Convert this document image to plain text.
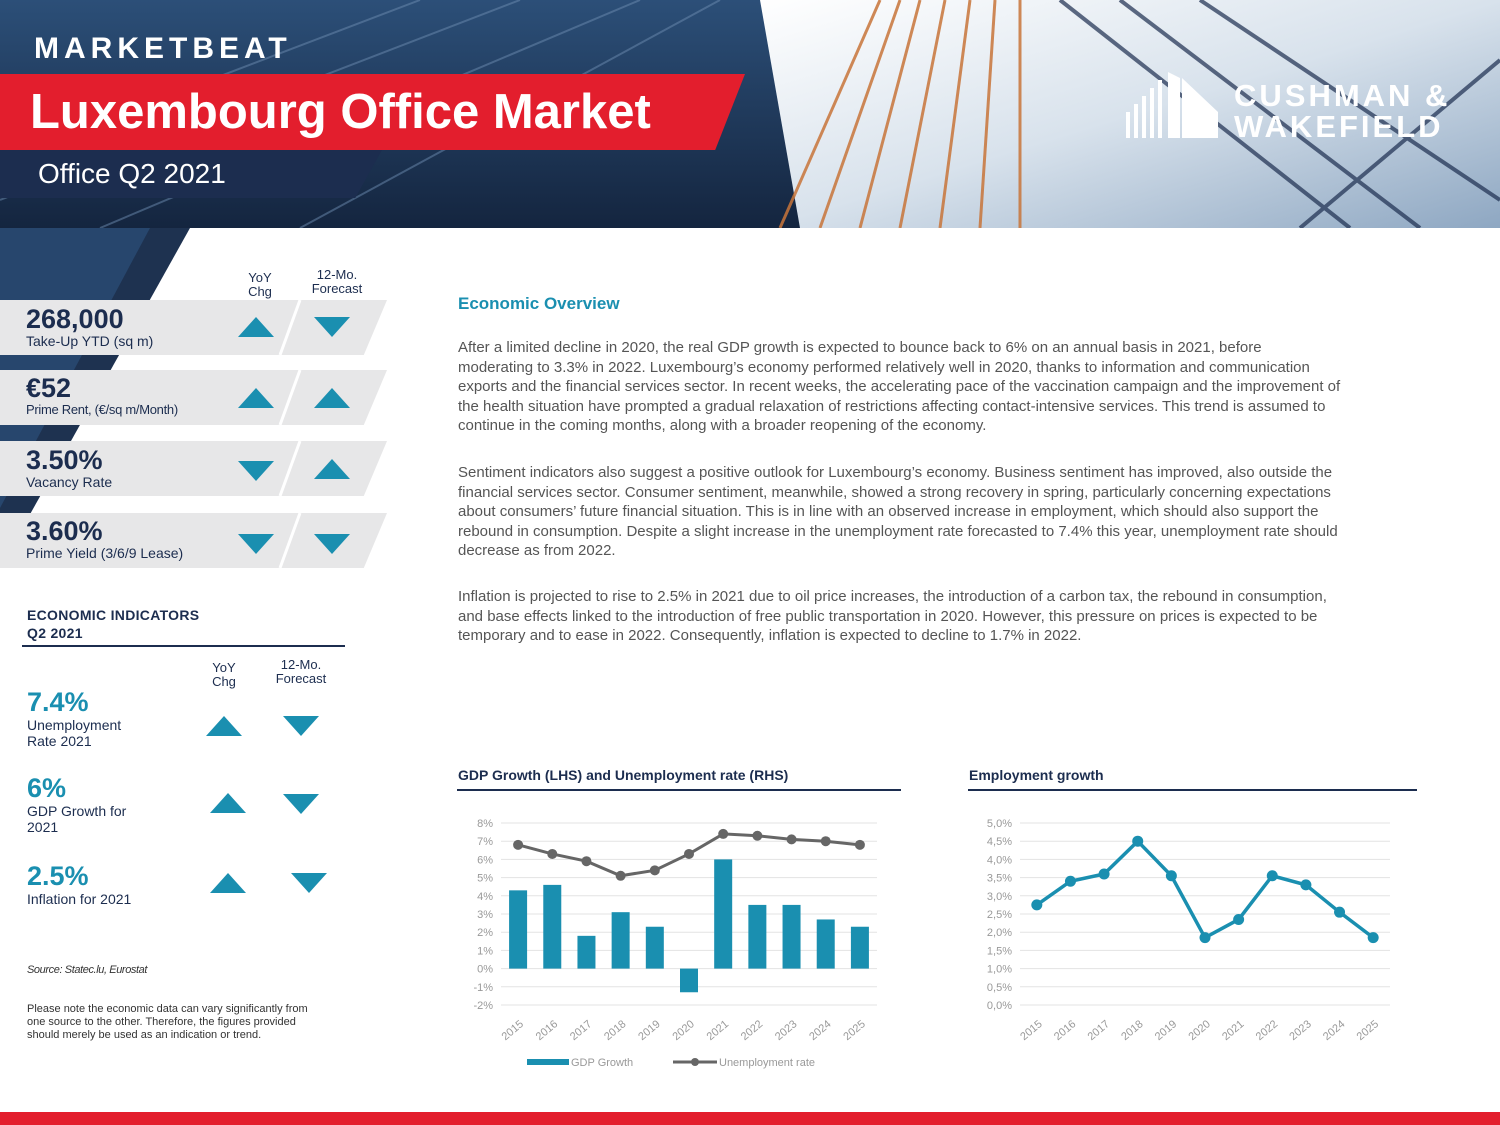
MARKETBEAT
Luxembourg Office Market
Office Q2 2021
CUSHMAN &
WAKEFIELD
YoY
Chg
12-Mo.
Forecast
268,000
Take-Up YTD (sq m)
€52
Prime Rent, (€/sq m/Month)
3.50%
Vacancy Rate
3.60%
Prime Yield (3/6/9 Lease)
ECONOMIC INDICATORS
Q2 2021
YoY
Chg
12-Mo.
Forecast
7.4%
Unemployment
Rate 2021
6%
GDP Growth for
2021
2.5%
Inflation for 2021
Source: Statec.lu, Eurostat
Please note the economic data can vary significantly from
one source to the other. Therefore, the figures provided
should merely be used as an indication or trend.
Economic Overview
After a limited decline in 2020, the real GDP growth is expected to bounce back to 6% on an annual basis in 2021, before
moderating to 3.3% in 2022. Luxembourg’s economy performed relatively well in 2020, thanks to information and communication
exports and the financial services sector. In recent weeks, the accelerating pace of the vaccination campaign and the improvement of
the health situation have prompted a gradual relaxation of restrictions affecting contact-intensive services. This trend is assumed to
continue in the coming months, along with a broader reopening of the economy.
Sentiment indicators also suggest a positive outlook for Luxembourg’s economy. Business sentiment has improved, also outside the
financial services sector. Consumer sentiment, meanwhile, showed a strong recovery in spring, particularly concerning expectations
about consumers’ future financial situation. This is in line with an observed increase in employment, which should also support the
rebound in consumption. Despite a slight increase in the unemployment rate forecasted to 7.4% this year, unemployment rate should
decrease as from 2022.
Inflation is projected to rise to 2.5% in 2021 due to oil price increases, the introduction of a carbon tax, the rebound in consumption,
and base effects linked to the introduction of free public transportation in 2020. However, this pressure on prices is expected to be
temporary and to ease in 2022. Consequently, inflation is expected to decline to 1.7% in 2022.
GDP Growth (LHS) and Unemployment rate (RHS)
8%
7%
6%
5%
4%
3%
2%
1%
0%
-1%
-2%
2015 2016 2017 2018 2019 2020 2021 2022 2023 2024 2025
GDP Growth	Unemployment rate
Employment growth
5,0%
4,5%
4,0%
3,5%
3,0%
2,5%
2,0%
1,5%
1,0%
0,5%
0,0%
2015 2016 2017 2018 2019 2020 2021 2022 2023 2024 2025
